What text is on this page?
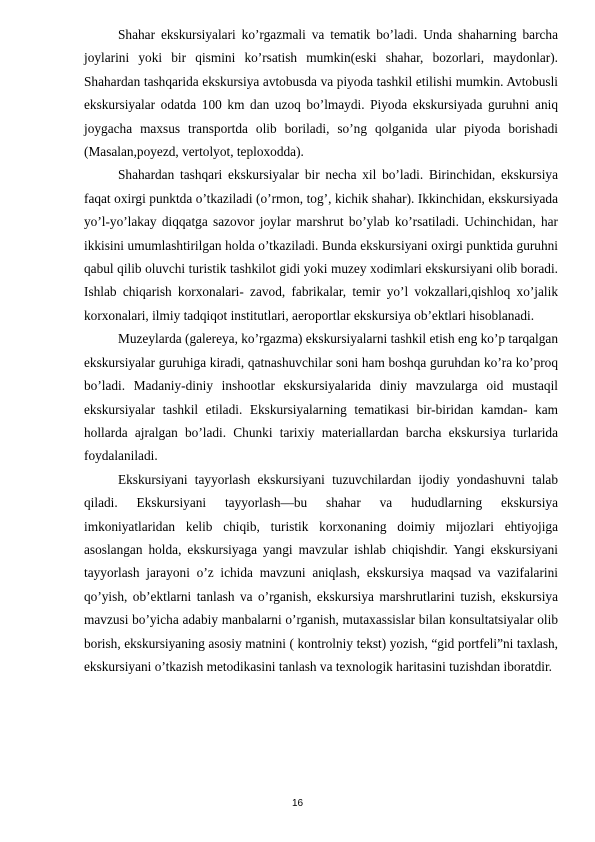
Shahar ekskursiyalari ko’rgazmali va tematik bo’ladi. Unda shaharning barcha joylarini yoki bir qismini ko’rsatish mumkin(eski shahar, bozorlari, maydonlar). Shahardan tashqarida ekskursiya avtobusda va piyoda tashkil etilishi mumkin. Avtobusli ekskursiyalar odatda 100 km dan uzoq bo’lmaydi. Piyoda ekskursiyada guruhni aniq joygacha maxsus transportda olib boriladi, so’ng qolganida ular piyoda borishadi (Masalan,poyezd, vertolyot, teploxodda).

Shahardan tashqari ekskursiyalar bir necha xil bo’ladi. Birinchidan, ekskursiya faqat oxirgi punktda o’tkaziladi (o’rmon, tog’, kichik shahar). Ikkinchidan, ekskursiyada yo’l-yo’lakay diqqatga sazovor joylar marshrut bo’ylab ko’rsatiladi. Uchinchidan, har ikkisini umumlashtirilgan holda o’tkaziladi. Bunda ekskursiyani oxirgi punktida guruhni qabul qilib oluvchi turistik tashkilot gidi yoki muzey xodimlari ekskursiyani olib boradi. Ishlab chiqarish korxonalari- zavod, fabrikalar, temir yo’l vokzallari,qishloq xo’jalik korxonalari, ilmiy tadqiqot institutlari, aeroportlar ekskursiya ob’ektlari hisoblanadi.

Muzeylarda (galereya, ko’rgazma) ekskursiyalarni tashkil etish eng ko’p tarqalgan ekskursiyalar guruhiga kiradi, qatnashuvchilar soni ham boshqa guruhdan ko’ra ko’proq bo’ladi. Madaniy-diniy inshootlar ekskursiyalarida diniy mavzularga oid mustaqil ekskursiyalar tashkil etiladi. Ekskursiyalarning tematikasi bir-biridan kamdan- kam hollarda ajralgan bo’ladi. Chunki tarixiy materiallardan barcha ekskursiya turlarida foydalaniladi.

Ekskursiyani tayyorlash ekskursiyani tuzuvchilardan ijodiy yondashuvni talab qiladi. Ekskursiyani tayyorlash—bu shahar va hududlarning ekskursiya imkoniyatlaridan kelib chiqib, turistik korxonaning doimiy mijozlari ehtiyojiga asoslangan holda, ekskursiyaga yangi mavzular ishlab chiqishdir. Yangi ekskursiyani tayyorlash jarayoni o’z ichida mavzuni aniqlash, ekskursiya maqsad va vazifalarini qo’yish, ob’ektlarni tanlash va o’rganish, ekskursiya marshrutlarini tuzish, ekskursiya mavzusi bo’yicha adabiy manbalarni o’rganish, mutaxassislar bilan konsultatsiyalar olib borish, ekskursiyaning asosiy matnini ( kontrolniy tekst) yozish, “gid portfeli”ni taxlash, ekskursiyani o’tkazish metodikasini tanlash va texnologik haritasini tuzishdan iboratdir.

16
